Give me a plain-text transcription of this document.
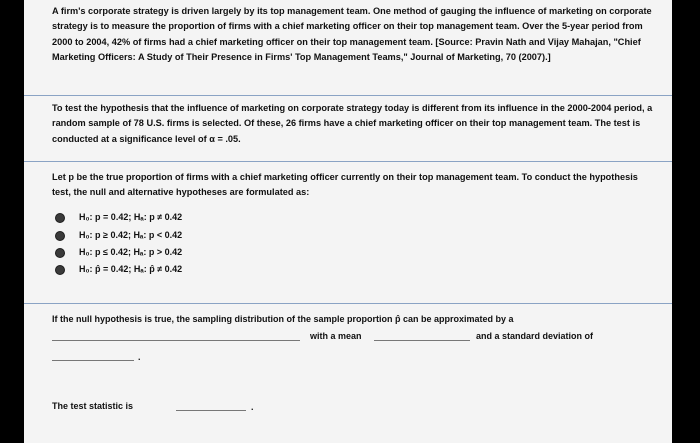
A firm's corporate strategy is driven largely by its top management team. One method of gauging the influence of marketing on corporate strategy is to measure the proportion of firms with a chief marketing officer on their top management team. Over the 5-year period from 2000 to 2004, 42% of firms had a chief marketing officer on their top management team. [Source: Pravin Nath and Vijay Mahajan, "Chief Marketing Officers: A Study of Their Presence in Firms' Top Management Teams," Journal of Marketing, 70 (2007).]

To test the hypothesis that the influence of marketing on corporate strategy today is different from its influence in the 2000-2004 period, a random sample of 78 U.S. firms is selected. Of these, 26 firms have a chief marketing officer on their top management team. The test is conducted at a significance level of α = .05.

Let p be the true proportion of firms with a chief marketing officer currently on their top management team. To conduct the hypothesis test, the null and alternative hypotheses are formulated as:

H₀: p = 0.42; Hₐ: p ≠ 0.42
H₀: p ≥ 0.42; Hₐ: p < 0.42
H₀: p ≤ 0.42; Hₐ: p > 0.42
H₀: p̂ = 0.42; Hₐ: p̂ ≠ 0.42
If the null hypothesis is true, the sampling distribution of the sample proportion p̂ can be approximated by a
with a mean	and a standard deviation of
.
The test statistic is	.
